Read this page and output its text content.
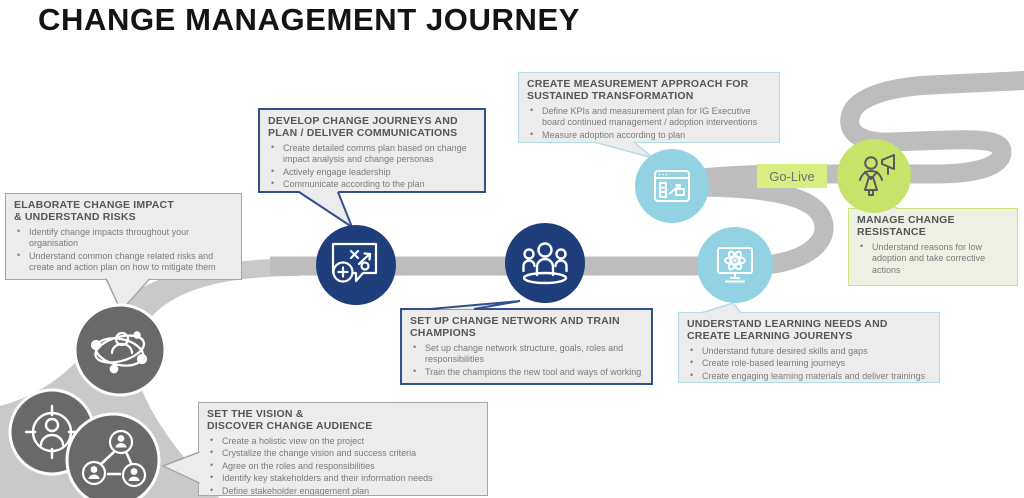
CHANGE MANAGEMENT JOURNEY
ELABORATE CHANGE IMPACT
& UNDERSTAND RISKS
• Identify change impacts throughout your organisation
• Understand common change related risks and create and action plan on how to mitigate them
DEVELOP CHANGE JOURNEYS AND
PLAN / DELIVER COMMUNICATIONS
• Create detailed comms plan based on change impact analysis and change personas
• Actively engage leadership
• Communicate according to the plan
CREATE MEASUREMENT APPROACH FOR
SUSTAINED TRANSFORMATION
• Define KPIs and measurement plan for IG Executive board continued management / adoption interventions
• Measure adoption according to plan
SET UP CHANGE NETWORK AND TRAIN
CHAMPIONS
• Set up change network structure, goals, roles and responsibilities
• Train the champions the new tool and ways of working
UNDERSTAND LEARNING NEEDS AND
CREATE LEARNING JOURENYS
• Understand future desired skills and gaps
• Create role-based learning journeys
• Create engaging learning materials and deliver trainings
MANAGE CHANGE
RESISTANCE
• Understand reasons for low adoption and take corrective actions
SET THE VISION &
DISCOVER CHANGE AUDIENCE
• Create a holistic view on the project
• Crystalize the change vision and success criteria
• Agree on the roles and responsibilities
• Identify key stakeholders and their information needs
• Define stakeholder engagement plan
Go-Live
